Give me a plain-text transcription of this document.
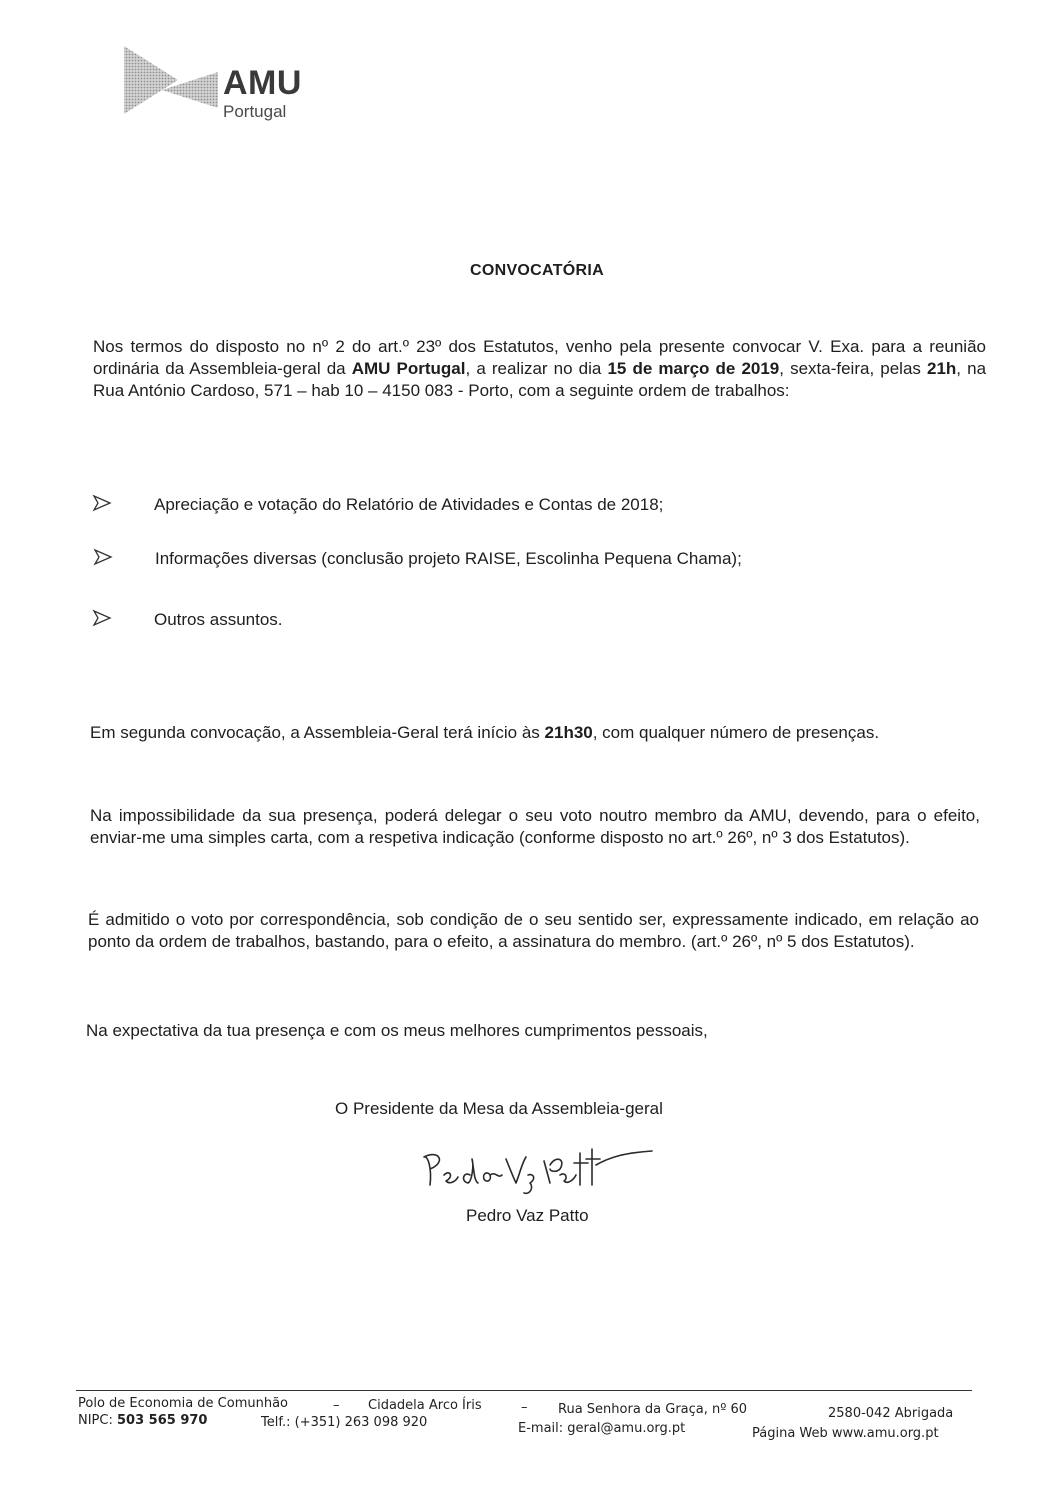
AMU
Portugal
CONVOCATÓRIA
Nos termos do disposto no nº 2 do art.º 23º dos Estatutos, venho pela presente convocar V. Exa. para a reunião ordinária da Assembleia-geral da AMU Portugal, a realizar no dia 15 de março de 2019, sexta-feira, pelas 21h, na Rua António Cardoso, 571 – hab 10 – 4150 083 - Porto, com a seguinte ordem de trabalhos:
Apreciação e votação do Relatório de Atividades e Contas de 2018;
Informações diversas (conclusão projeto RAISE, Escolinha Pequena Chama);
Outros assuntos.
Em segunda convocação, a Assembleia-Geral terá início às 21h30, com qualquer número de presenças.
Na impossibilidade da sua presença, poderá delegar o seu voto noutro membro da AMU, devendo, para o efeito, enviar-me uma simples carta, com a respetiva indicação (conforme disposto no art.º 26º, nº 3 dos Estatutos).
É admitido o voto por correspondência, sob condição de o seu sentido ser, expressamente indicado, em relação ao ponto da ordem de trabalhos, bastando, para o efeito, a assinatura do membro. (art.º 26º, nº 5 dos Estatutos).
Na expectativa da tua presença e com os meus melhores cumprimentos pessoais,
O Presidente da Mesa da Assembleia-geral
Pedro Vaz Patto
Polo de Economia de Comunhão	– Cidadela Arco Íris	– Rua Senhora da Graça, nº 60	2580-042 Abrigada
NIPC: 503 565 970	Telf.: (+351) 263 098 920	E-mail: geral@amu.org.pt	Página Web www.amu.org.pt
